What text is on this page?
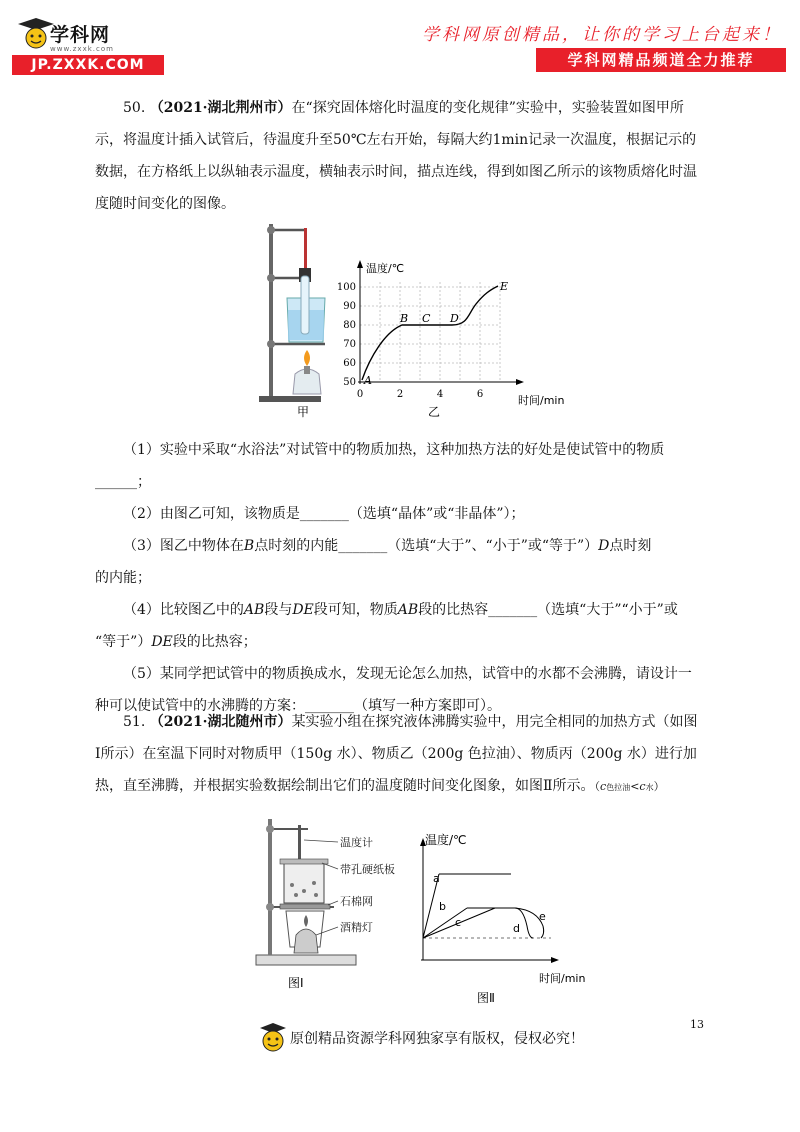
学科网
www.zxxk.com
JP.ZXXK.COM
学科网原创精品，让你的学习上台起来！
学科网精品频道全力推荐
50. （2021·湖北荆州市）在“探究固体熔化时温度的变化规律”实验中，实验装置如图甲所
示，将温度计插入试管后，待温度升至50℃左右开始，每隔大约1min记录一次温度，根据记示的
数据，在方格纸上以纵轴表示温度，横轴表示时间，描点连线，得到如图乙所示的该物质熔化时温
度随时间变化的图像。
甲
100
90
80
70
60
50
0	2	4	6
温度/℃
时间/min
A
B C D
E
乙
（1）实验中采取“水浴法”对试管中的物质加热，这种加热方法的好处是使试管中的物质
______；
（2）由图乙可知，该物质是_______（选填“晶体”或“非晶体”）；
（3）图乙中物体在B点时刻的内能_______（选填“大于”、“小于”或“等于”）D点时刻
的内能；
（4）比较图乙中的AB段与DE段可知，物质AB段的比热容_______（选填“大于”“小于”或
“等于”）DE段的比热容；
（5）某同学把试管中的物质换成水，发现无论怎么加热，试管中的水都不会沸腾，请设计一
种可以使试管中的水沸腾的方案：_______（填写一种方案即可）。
51. （2021·湖北随州市）某实验小组在探究液体沸腾实验中，用完全相同的加热方式（如图
Ⅰ所示）在室温下同时对物质甲（150g 水）、物质乙（200g 色拉油）、物质丙（200g 水）进行加
热，直至沸腾，并根据实验数据绘制出它们的温度随时间变化图象，如图Ⅱ所示。（c色拉油<c水）
温度计
带孔硬纸板
石棉网
酒精灯
图Ⅰ
温度/℃
时间/min
a
b
c	d
e
图Ⅱ
13
原创精品资源学科网独家享有版权，侵权必究！
